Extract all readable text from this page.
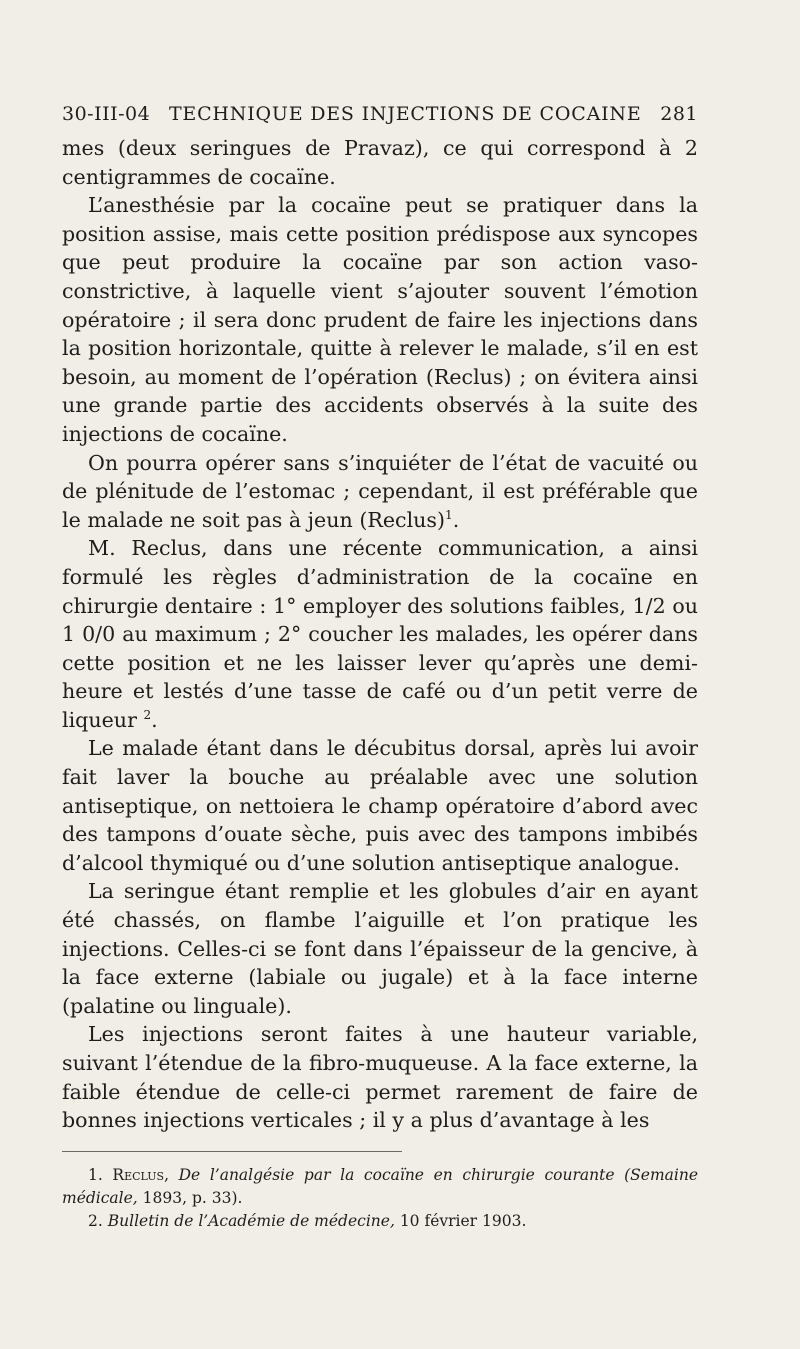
30-III-04 TECHNIQUE DES INJECTIONS DE COCAINE 281

mes (deux seringues de Pravaz), ce qui correspond à 2 centigrammes de cocaïne.

L’anesthésie par la cocaïne peut se pratiquer dans la position assise, mais cette position prédispose aux syncopes que peut produire la cocaïne par son action vaso-constrictive, à laquelle vient s’ajouter souvent l’émotion opératoire ; il sera donc prudent de faire les injections dans la position horizontale, quitte à relever le malade, s’il en est besoin, au moment de l’opération (Reclus) ; on évitera ainsi une grande partie des accidents observés à la suite des injections de cocaïne.

On pourra opérer sans s’inquiéter de l’état de vacuité ou de plénitude de l’estomac ; cependant, il est préférable que le malade ne soit pas à jeun (Reclus)$^1$.

M. Reclus, dans une récente communication, a ainsi formulé les règles d’administration de la cocaïne en chirurgie dentaire : 1° employer des solutions faibles, 1/2 ou 1 0/0 au maximum ; 2° coucher les malades, les opérer dans cette position et ne les laisser lever qu’après une demi-heure et lestés d’une tasse de café ou d’un petit verre de liqueur $^2$.

Le malade étant dans le décubitus dorsal, après lui avoir fait laver la bouche au préalable avec une solution antiseptique, on nettoiera le champ opératoire d’abord avec des tampons d’ouate sèche, puis avec des tampons imbibés d’alcool thymiqué ou d’une solution antiseptique analogue.

La seringue étant remplie et les globules d’air en ayant été chassés, on flambe l’aiguille et l’on pratique les injections. Celles-ci se font dans l’épaisseur de la gencive, à la face externe (labiale ou jugale) et à la face interne (palatine ou linguale).

Les injections seront faites à une hauteur variable, suivant l’étendue de la fibro-muqueuse. A la face externe, la faible étendue de celle-ci permet rarement de faire de bonnes injections verticales ; il y a plus d’avantage à les

1. Reclus, De l’analgésie par la cocaïne en chirurgie courante (Semaine médicale, 1893, p. 33).

2. Bulletin de l’Académie de médecine, 10 février 1903.
